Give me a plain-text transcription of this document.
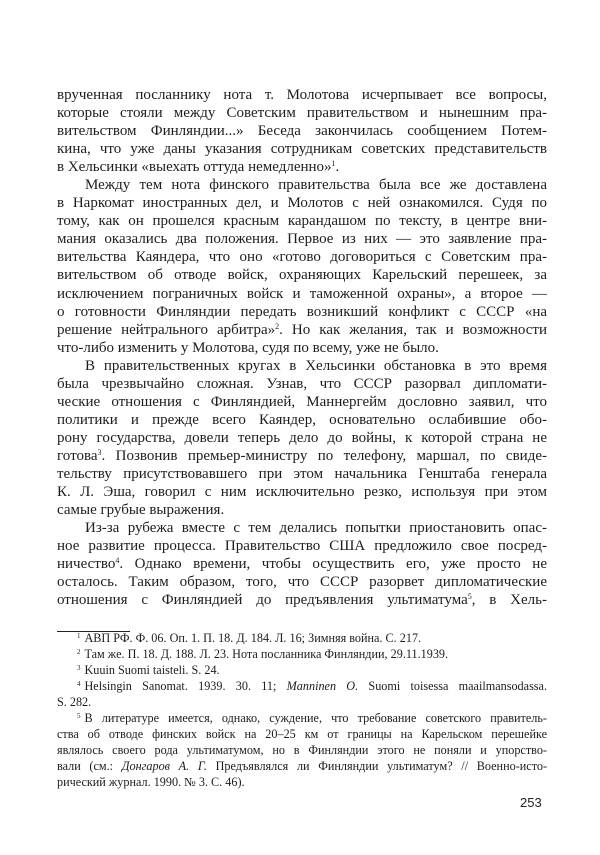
врученная посланнику нота т. Молотова исчерпывает все вопросы,
которые стояли между Советским правительством и нынешним пра-
вительством Финляндии...» Беседа закончилась сообщением Потем-
кина, что уже даны указания сотрудникам советских представительств
в Хельсинки «выехать оттуда немедленно»$^1$.
Между тем нота финского правительства была все же доставлена
в Наркомат иностранных дел, и Молотов с ней ознакомился. Судя по
тому, как он прошелся красным карандашом по тексту, в центре вни-
мания оказались два положения. Первое из них — это заявление пра-
вительства Каяндера, что оно «готово договориться с Советским пра-
вительством об отводе войск, охраняющих Карельский перешеек, за
исключением пограничных войск и таможенной охраны», а второе —
о готовности Финляндии передать возникший конфликт с СССР «на
решение нейтрального арбитра»$^2$. Но как желания, так и возможности
что-либо изменить у Молотова, судя по всему, уже не было.
В правительственных кругах в Хельсинки обстановка в это время
была чрезвычайно сложная. Узнав, что СССР разорвал дипломати-
ческие отношения с Финляндией, Маннергейм дословно заявил, что
политики и прежде всего Каяндер, основательно ослабившие обо-
рону государства, довели теперь дело до войны, к которой страна не
готова$^3$. Позвонив премьер-министру по телефону, маршал, по свиде-
тельству присутствовавшего при этом начальника Генштаба генерала
К. Л. Эша, говорил с ним исключительно резко, используя при этом
самые грубые выражения.
Из-за рубежа вместе с тем делались попытки приостановить опас-
ное развитие процесса. Правительство США предложило свое посред-
ничество$^4$. Однако времени, чтобы осуществить его, уже просто не
осталось. Таким образом, того, что СССР разорвет дипломатические
отношения с Финляндией до предъявления ультиматума$^5$, в Хель-
$^1$ АВП РФ. Ф. 06. Оп. 1. П. 18. Д. 184. Л. 16; Зимняя война. С. 217.
$^2$ Там же. П. 18. Д. 188. Л. 23. Нота посланника Финляндии, 29.11.1939.
$^3$ Kuuin Suomi taisteli. S. 24.
$^4$ Helsingin Sanomat. 1939. 30. 11; Manninen O. Suomi toisessa maailmansodassa.
S. 282.
$^5$ В литературе имеется, однако, суждение, что требование советского правитель-
ства об отводе финских войск на 20–25 км от границы на Карельском перешейке
являлось своего рода ультиматумом, но в Финляндии этого не поняли и упорство-
вали (см.: Донгаров А. Г. Предъявлялся ли Финляндии ультиматум? // Военно-исто-
рический журнал. 1990. № 3. С. 46).
253
